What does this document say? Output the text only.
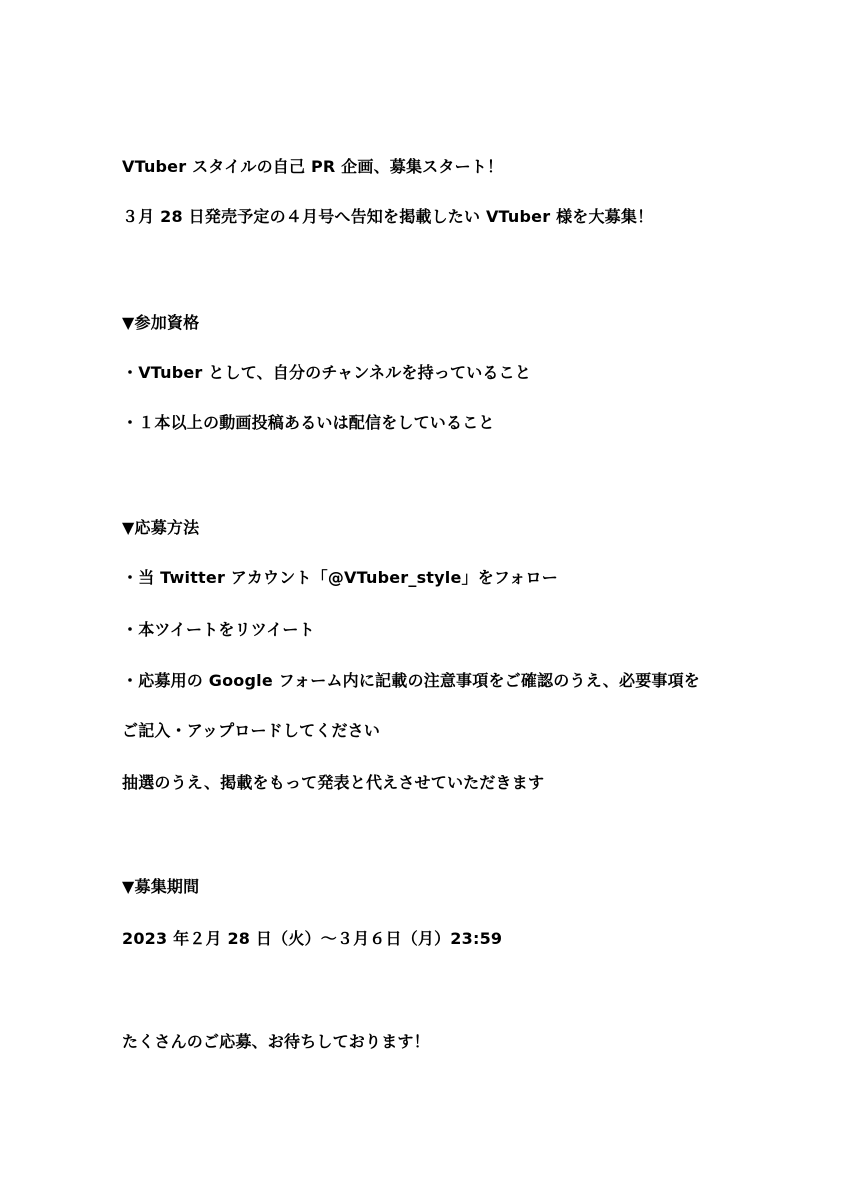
VTuber スタイルの自己 PR 企画、募集スタート！
３月 28 日発売予定の４月号へ告知を掲載したい VTuber 様を大募集！
▼参加資格
・VTuber として、自分のチャンネルを持っていること
・１本以上の動画投稿あるいは配信をしていること
▼応募方法
・当 Twitter アカウント「@VTuber_style」をフォロー
・本ツイートをリツイート
・応募用の Google フォーム内に記載の注意事項をご確認のうえ、必要事項を
ご記入・アップロードしてください
抽選のうえ、掲載をもって発表と代えさせていただきます
▼募集期間
2023 年２月 28 日（火）～３月６日（月）23:59
たくさんのご応募、お待ちしております！
